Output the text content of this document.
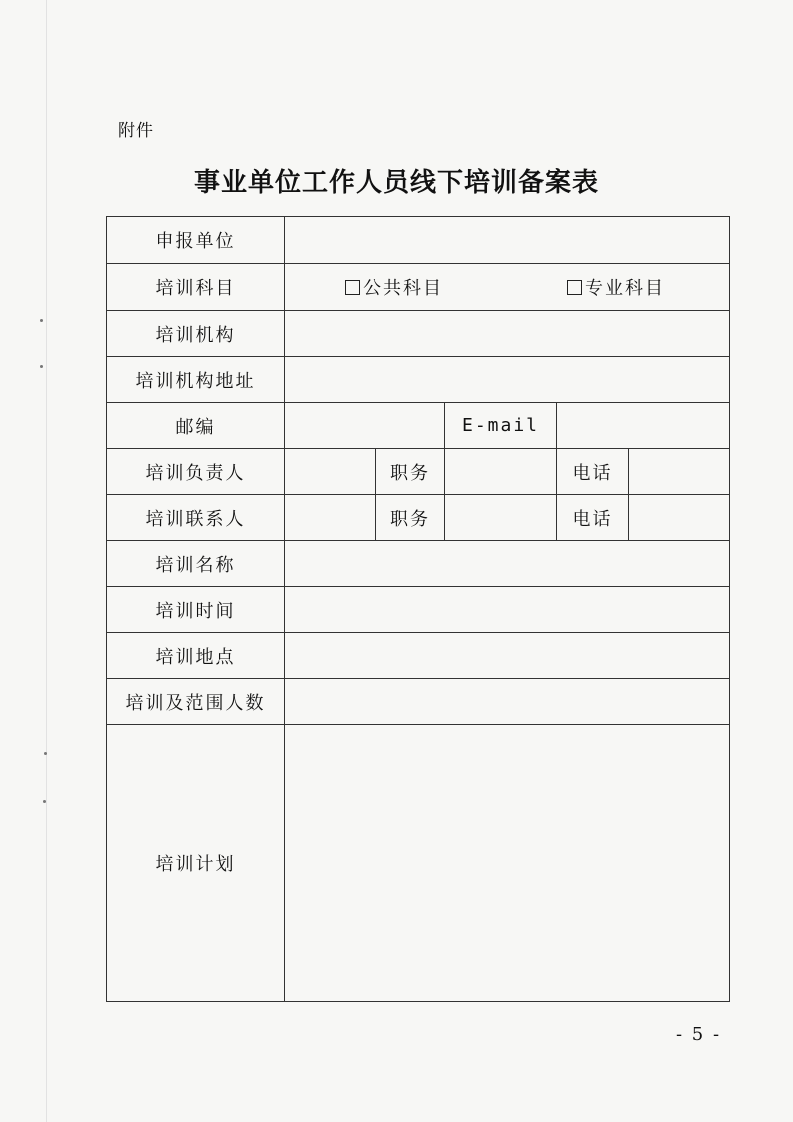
附件
事业单位工作人员线下培训备案表
申报单位					
培训科目	公共科目 专业科目				

培训机构					
培训机构地址					
邮编			E-mail		
培训负责人		职务		电话	
培训联系人		职务		电话	
培训名称					
培训时间					
培训地点					
培训及范围人数					
培训计划					
- 5 -
